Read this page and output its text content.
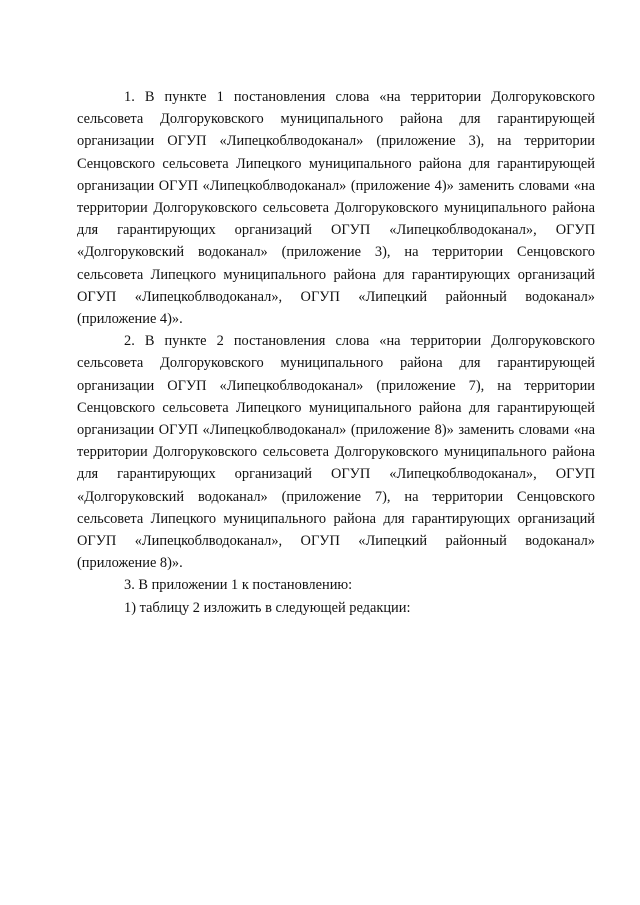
1. В пункте 1 постановления слова «на территории Долгоруковского сельсовета Долгоруковского муниципального района для гарантирующей организации ОГУП «Липецкоблводоканал» (приложение 3), на территории Сенцовского сельсовета Липецкого муниципального района для гарантирующей организации ОГУП «Липецкоблводоканал» (приложение 4)» заменить словами «на территории Долгоруковского сельсовета Долгоруковского муниципального района для гарантирующих организаций ОГУП «Липецкоблводоканал», ОГУП «Долгоруковский водоканал» (приложение 3), на территории Сенцовского сельсовета Липецкого муниципального района для гарантирующих организаций ОГУП «Липецкоблводоканал», ОГУП «Липецкий районный водоканал» (приложение 4)».

2. В пункте 2 постановления слова «на территории Долгоруковского сельсовета Долгоруковского муниципального района для гарантирующей организации ОГУП «Липецкоблводоканал» (приложение 7), на территории Сенцовского сельсовета Липецкого муниципального района для гарантирующей организации ОГУП «Липецкоблводоканал» (приложение 8)» заменить словами «на территории Долгоруковского сельсовета Долгоруковского муниципального района для гарантирующих организаций ОГУП «Липецкоблводоканал», ОГУП «Долгоруковский водоканал» (приложение 7), на территории Сенцовского сельсовета Липецкого муниципального района для гарантирующих организаций ОГУП «Липецкоблводоканал», ОГУП «Липецкий районный водоканал» (приложение 8)».

3. В приложении 1 к постановлению:

1) таблицу 2 изложить в следующей редакции:
